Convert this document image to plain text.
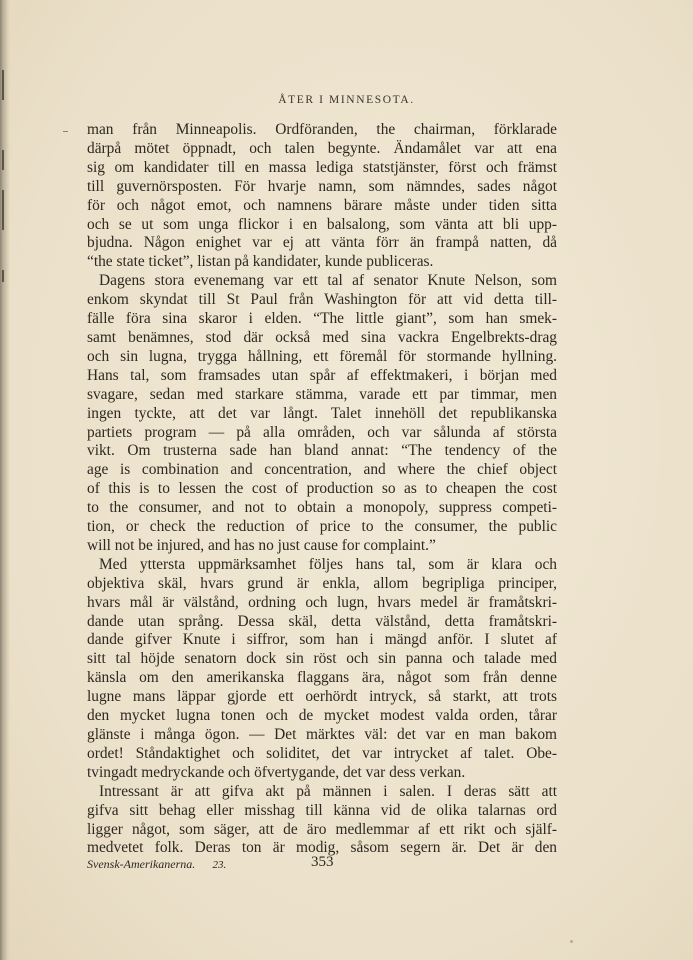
ÅTER I MINNESOTA.
man från Minneapolis. Ordföranden, the chairman, förklarade
därpå mötet öppnadt, och talen begynte. Ändamålet var att ena
sig om kandidater till en massa lediga statstjänster, först och främst
till guvernörsposten. För hvarje namn, som nämndes, sades något
för och något emot, och namnens bärare måste under tiden sitta
och se ut som unga flickor i en balsalong, som vänta att bli upp-
bjudna. Någon enighet var ej att vänta förr än frampå natten, då
“the state ticket”, listan på kandidater, kunde publiceras.
Dagens stora evenemang var ett tal af senator Knute Nelson, som
enkom skyndat till St Paul från Washington för att vid detta till-
fälle föra sina skaror i elden. “The little giant”, som han smek-
samt benämnes, stod där också med sina vackra Engelbrekts-drag
och sin lugna, trygga hållning, ett föremål för stormande hyllning.
Hans tal, som framsades utan spår af effektmakeri, i början med
svagare, sedan med starkare stämma, varade ett par timmar, men
ingen tyckte, att det var långt. Talet innehöll det republikanska
partiets program — på alla områden, och var sålunda af största
vikt. Om trusterna sade han bland annat: “The tendency of the
age is combination and concentration, and where the chief object
of this is to lessen the cost of production so as to cheapen the cost
to the consumer, and not to obtain a monopoly, suppress competi-
tion, or check the reduction of price to the consumer, the public
will not be injured, and has no just cause for complaint.”
Med yttersta uppmärksamhet följes hans tal, som är klara och
objektiva skäl, hvars grund är enkla, allom begripliga principer,
hvars mål är välstånd, ordning och lugn, hvars medel är framåtskri-
dande utan språng. Dessa skäl, detta välstånd, detta framåtskri-
dande gifver Knute i siffror, som han i mängd anför. I slutet af
sitt tal höjde senatorn dock sin röst och sin panna och talade med
känsla om den amerikanska flaggans ära, något som från denne
lugne mans läppar gjorde ett oerhördt intryck, så starkt, att trots
den mycket lugna tonen och de mycket modest valda orden, tårar
glänste i många ögon. — Det märktes väl: det var en man bakom
ordet! Ståndaktighet och soliditet, det var intrycket af talet. Obe-
tvingadt medryckande och öfvertygande, det var dess verkan.
Intressant är att gifva akt på männen i salen. I deras sätt att
gifva sitt behag eller misshag till känna vid de olika talarnas ord
ligger något, som säger, att de äro medlemmar af ett rikt och själf-
medvetet folk. Deras ton är modig, såsom segern är. Det är den
Svensk-Amerikanerna. 23.	353
